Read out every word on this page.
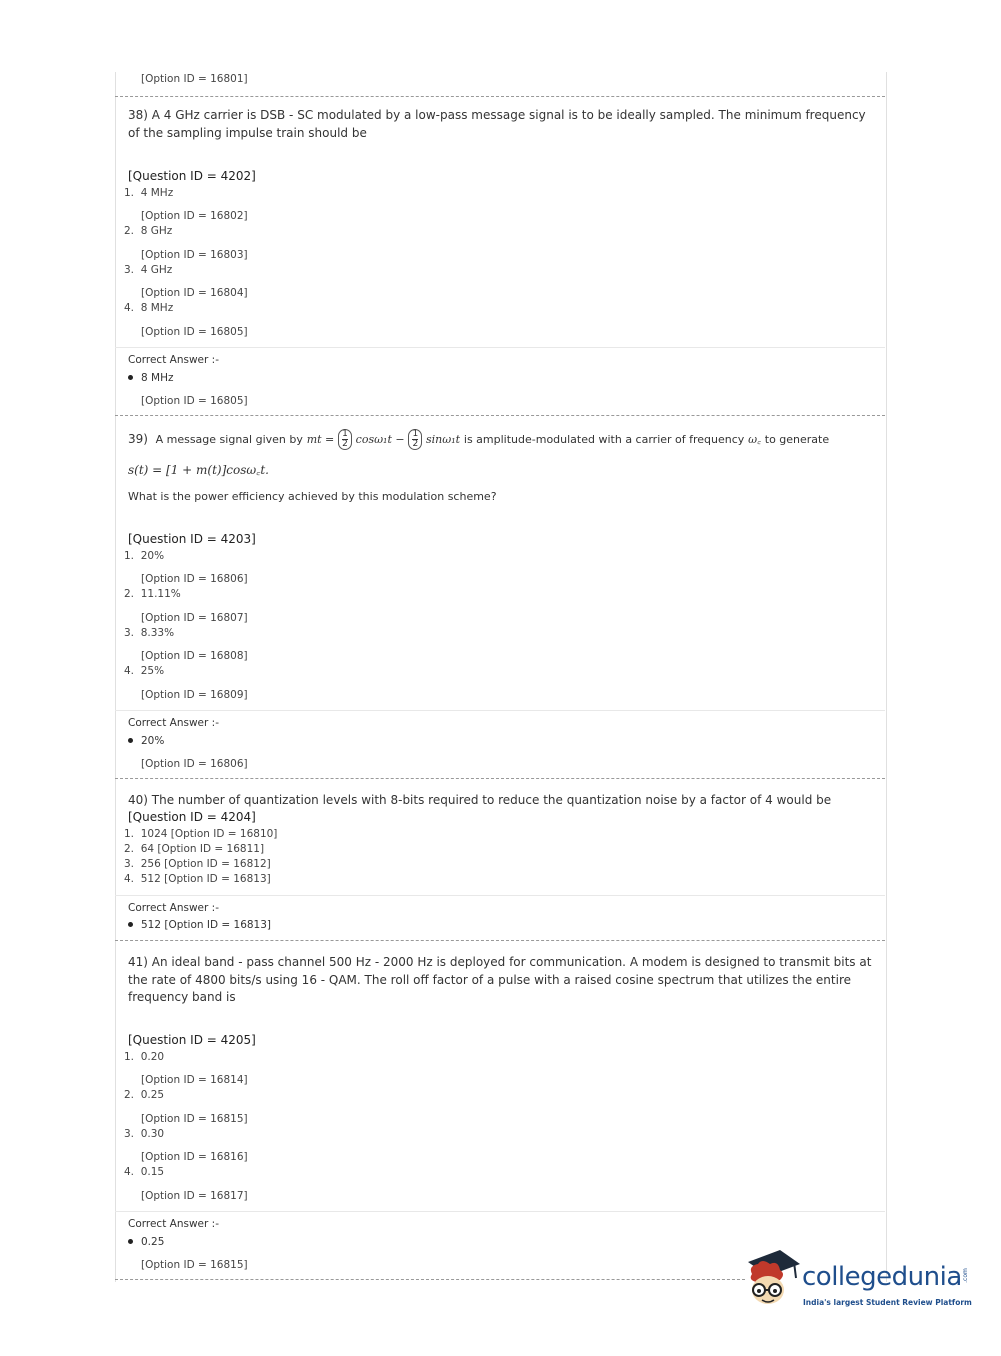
[Option ID = 16801]
38) A 4 GHz carrier is DSB - SC modulated by a low-pass message signal is to be ideally sampled. The minimum frequency of the sampling impulse train should be
[Question ID = 4202]
1. 4 MHz
[Option ID = 16802]
2. 8 GHz
[Option ID = 16803]
3. 4 GHz
[Option ID = 16804]
4. 8 MHz
[Option ID = 16805]
Correct Answer :-
8 MHz
[Option ID = 16805]
39) A message signal given by mt = $\frac{1}{2} \cos\omega_1t - \frac{1}{2} \sin\omega_1t$ is amplitude-modulated with a carrier of frequency ω꜀ to generate
s(t) = [1 + m(t)]cosω꜀t.
What is the power efficiency achieved by this modulation scheme?
[Question ID = 4203]
1. 20%
[Option ID = 16806]
2. 11.11%
[Option ID = 16807]
3. 8.33%
[Option ID = 16808]
4. 25%
[Option ID = 16809]
Correct Answer :-
20%
[Option ID = 16806]
40) The number of quantization levels with 8-bits required to reduce the quantization noise by a factor of 4 would be
[Question ID = 4204]
1. 1024 [Option ID = 16810]
2. 64 [Option ID = 16811]
3. 256 [Option ID = 16812]
4. 512 [Option ID = 16813]
Correct Answer :-
512 [Option ID = 16813]
41) An ideal band - pass channel 500 Hz - 2000 Hz is deployed for communication. A modem is designed to transmit bits at the rate of 4800 bits/s using 16 - QAM. The roll off factor of a pulse with a raised cosine spectrum that utilizes the entire frequency band is
[Question ID = 4205]
1. 0.20
[Option ID = 16814]
2. 0.25
[Option ID = 16815]
3. 0.30
[Option ID = 16816]
4. 0.15
[Option ID = 16817]
Correct Answer :-
0.25
[Option ID = 16815]	collegedunia .com
India's largest Student Review Platform
